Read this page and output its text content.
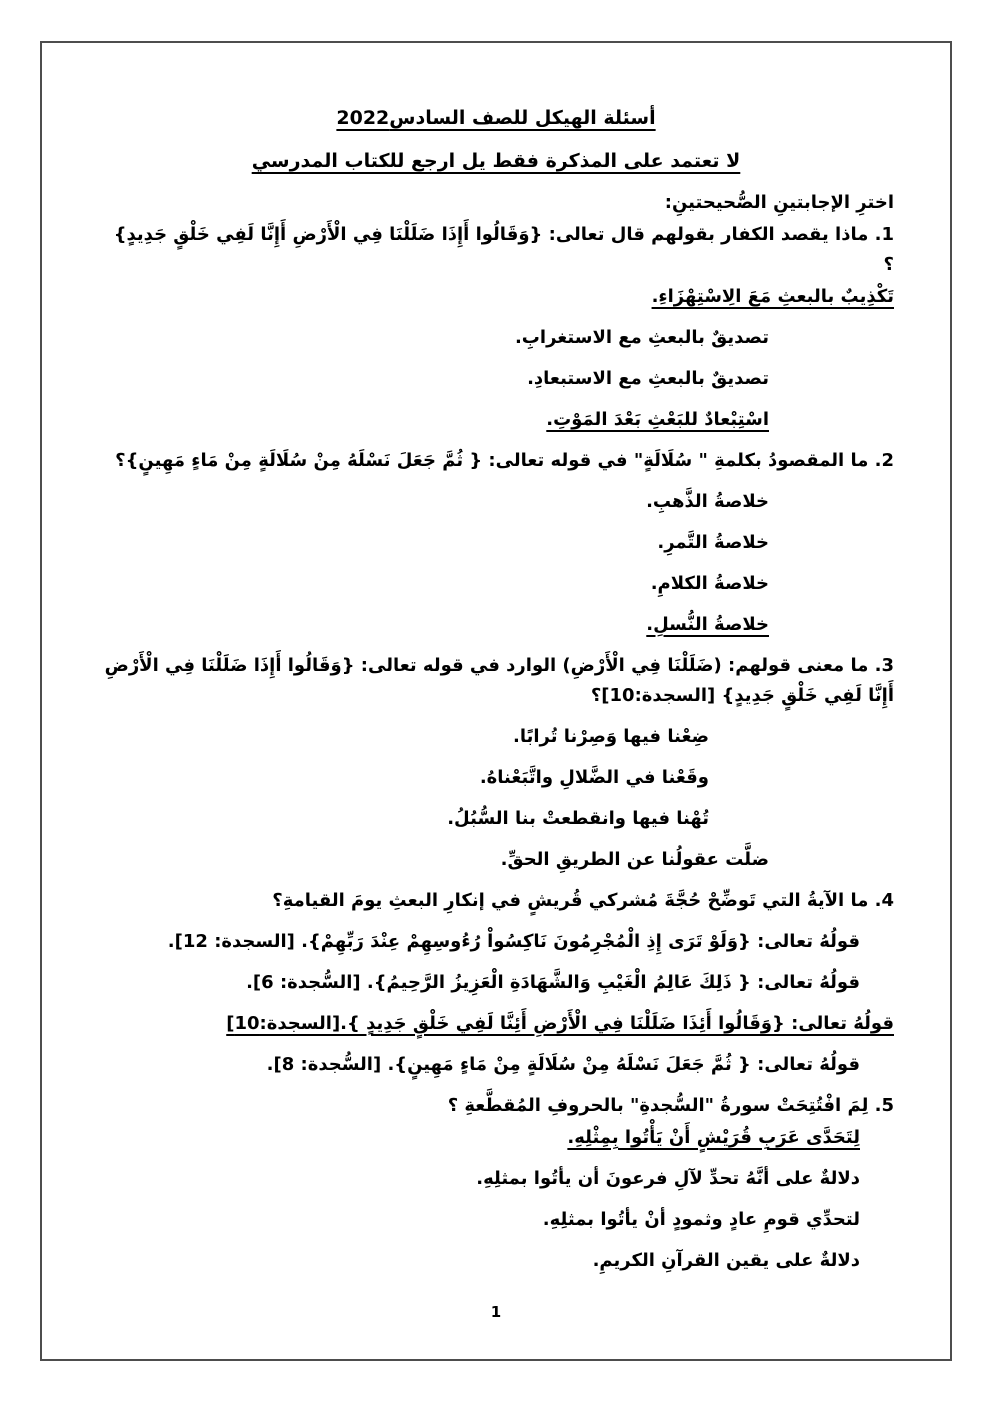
أسئلة الهيكل للصف السادس2022
لا تعتمد على المذكرة فقط يل ارجع للكتاب المدرسي
اخترِ الإجابتينِ الصُّحيحتينِ:
1. ماذا يقصد الكفار بقولهم قال تعالى: {وَقَالُوا أَإِذَا ضَلَلْنَا فِي الْأَرْضِ أَإِنَّا لَفِي خَلْقٍ جَدِيدٍ} ؟
تَكْذِيبٌ بالبعثِ مَعَ الِاسْتِهْزَاءِ.
تصديقٌ بالبعثِ مع الاستغرابِ.
تصديقٌ بالبعثِ مع الاستبعادِ.
اسْتِبْعادٌ للبَعْثِ بَعْدَ المَوْتِ.
2. ما المقصودُ بكلمةِ " سُلَالَةٍ" في قوله تعالى: { ثُمَّ جَعَلَ نَسْلَهُ مِنْ سُلَالَةٍ مِنْ مَاءٍ مَهِينٍ}؟
خلاصةُ الذَّهبِ.
خلاصةُ التَّمرِ.
خلاصةُ الكلامِ.
خلاصةُ النُّسلِ.
3. ما معنى قولهم: (ضَلَلْنَا فِي الْأَرْضِ) الوارد في قوله تعالى: {وَقَالُوا أَإِذَا ضَلَلْنَا فِي الْأَرْضِ أَإِنَّا لَفِي خَلْقٍ جَدِيدٍ} [السجدة:10]؟
ضِعْنا فيها وَصِرْنا تُرابًا.
وقَعْنا في الضَّلالِ واتَّبَعْناهُ.
تُهْنا فيها وانقطعتْ بنا السُّبُلُ.
ضلَّت عقولُنا عن الطريقِ الحقِّ.
4. ما الآيةُ التي تَوضِّحْ حُجَّةَ مُشركي قُريشٍ في إنكارِ البعثِ يومَ القيامةِ؟
قولُهُ تعالى: {وَلَوْ تَرَى إِذِ الْمُجْرِمُونَ نَاكِسُواْ رُءُوسِهِمْ عِنْدَ رَبِّهِمْ}. [السجدة: 12].
قولُهُ تعالى: { ذَلِكَ عَالِمُ الْغَيْبِ وَالشَّهَادَةِ الْعَزِيزُ الرَّحِيمُ}. [السُّجدة: 6].
قولُهُ تعالى: {وَقَالُوا أَئِذَا ضَلَلْنَا فِي الْأَرْضِ أَئِنَّا لَفِي خَلْقٍ جَدِيدٍ }.[السجدة:10]
قولُهُ تعالى: { ثُمَّ جَعَلَ نَسْلَهُ مِنْ سُلَالَةٍ مِنْ مَاءٍ مَهِينٍ}. [السُّجدة: 8].
5. لِمَ افْتُتِحَتْ سورةُ "السُّجدةِ" بالحروفِ المُقطَّعةِ ؟
لِتَحَدَّى عَرَبِ قُرَيْشٍ أَنْ يَأْتُوا بِمِثْلِهِ.
دلالةٌ على أنَّهُ تحدِّ لآلِ فرعونَ أن يأتُوا بمثلِهِ.
لتحدِّي قومِ عادٍ وثمودٍ أنْ يأتُوا بمثلِهِ.
دلالةٌ على يقين القرآنِ الكريمِ.
1
